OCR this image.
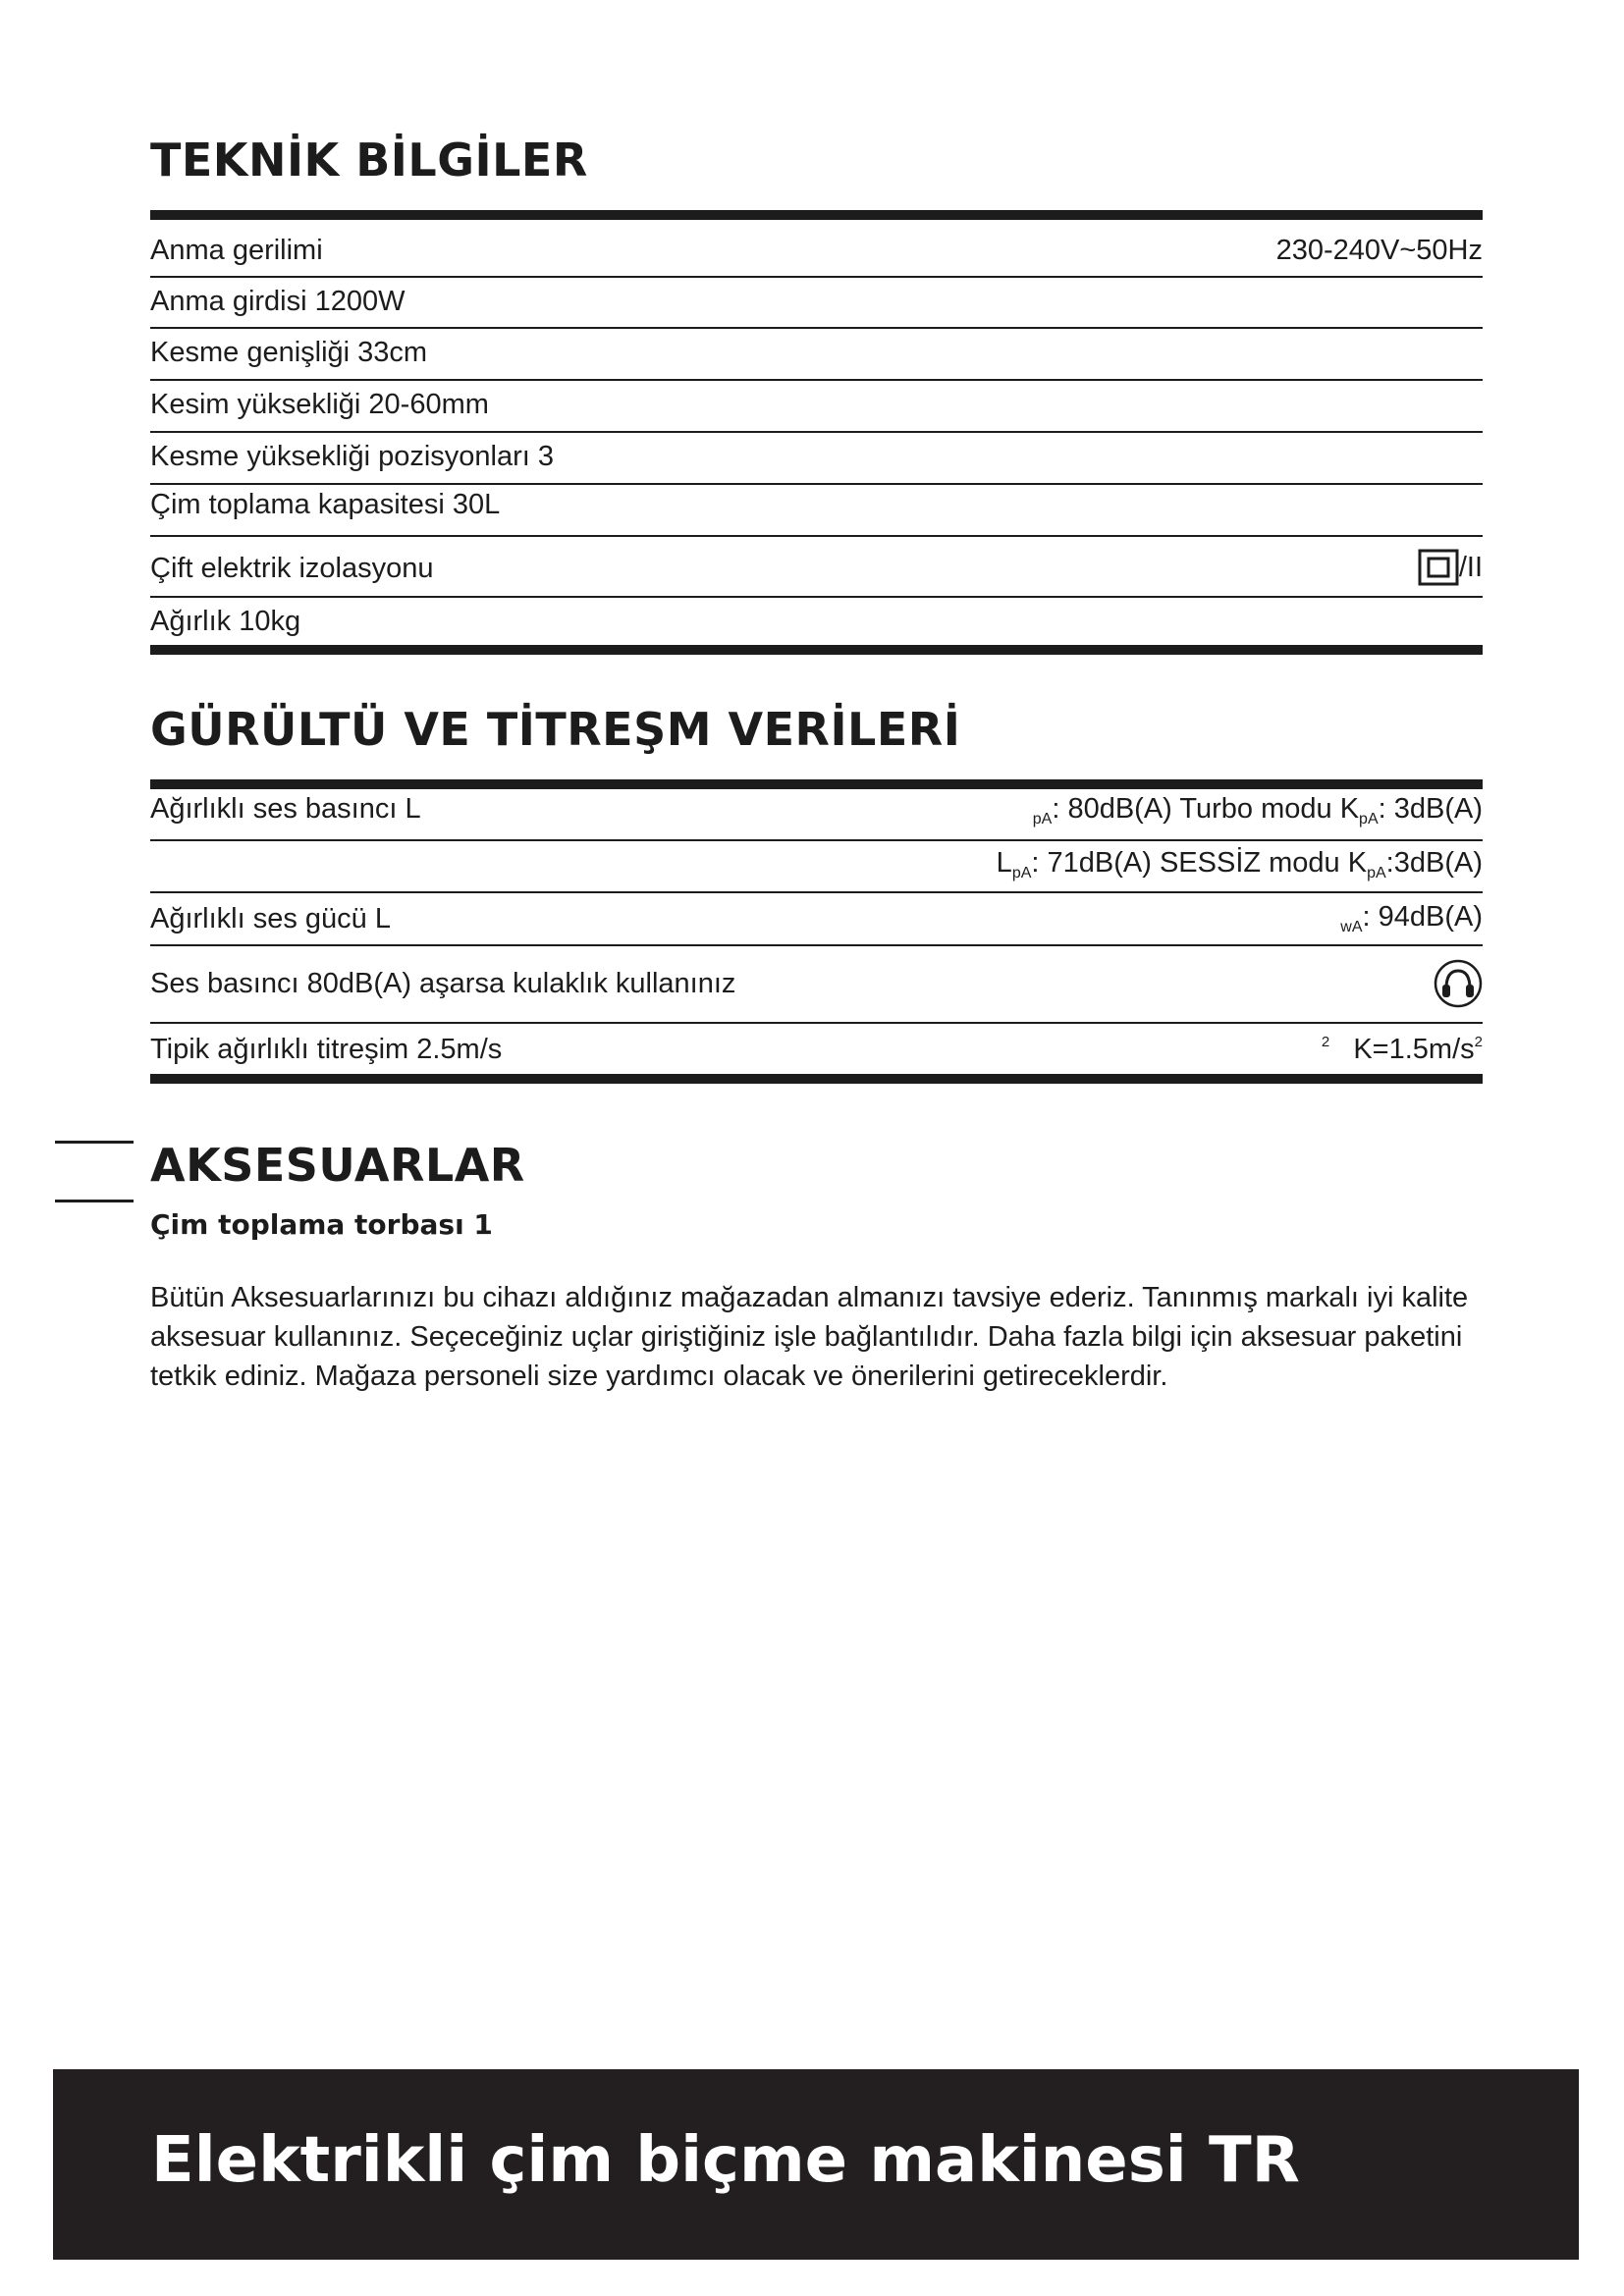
TEKNİK BİLGİLER
Anma gerilimi	230-240V~50Hz
Anma girdisi 1200W
Kesme genişliği 33cm
Kesim yüksekliği 20-60mm
Kesme yüksekliği pozisyonları 3
Çim toplama kapasitesi 30L
Çift elektrik izolasyonu	/II
Ağırlık 10kg
GÜRÜLTÜ VE TİTREŞM VERİLERİ
Ağırlıklı ses basıncı L	$_{pA}$: 80dB(A) Turbo modu $K_{pA}$: 3dB(A)
$L_{pA}$: 71dB(A) SESSİZ modu $K_{pA}:3dB(A)$
Ağırlıklı ses gücü L	$_{wA}$: 94dB(A)
Ses basıncı 80dB(A) aşarsa kulaklık kullanınız
Tipik ağırlıklı titreşim 2.5m/s	$^2$ $K=1.5m/s^2$
AKSESUARLAR
Çim toplama torbası 1

Bütün Aksesuarlarınızı bu cihazı aldığınız mağazadan almanızı tavsiye ederiz. Tanınmış markalı iyi kalite aksesuar kullanınız. Seçeceğiniz uçlar giriştiğiniz işle bağlantılıdır. Daha fazla bilgi için aksesuar paketini tetkik ediniz. Mağaza personeli size yardımcı olacak ve önerilerini getireceklerdir.

Elektrikli çim biçme makinesi TR
